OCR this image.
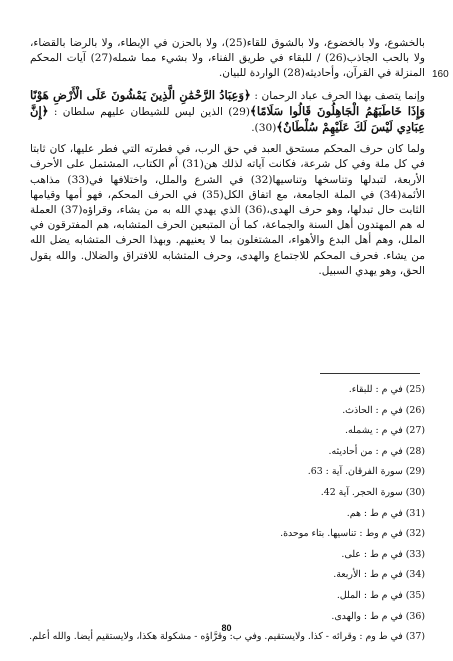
160

بالخشوع، ولا بالخضوع، ولا بالشوق للقاء(25)، ولا بالحزن في الإبطاء، ولا بالرضا بالقضاء، ولا بالحب الجاذب(26) / للبقاء في طريق الفناء، ولا بشيء مما شمله(27) آيات المحكم المنزلة في القرآن، وأحاديثه(28) الواردة للبيان.

وإنما يتصف بهذا الحرف عباد الرحمان : ﴿وَعِبَادُ الرَّحْمَٰنِ الَّذِينَ يَمْشُونَ عَلَى الْأَرْضِ هَوْنًا وَإِذَا خَاطَبَهُمُ الْجَاهِلُونَ قَالُوا سَلَامًا﴾(29) الذين ليس للشيطان عليهم سلطان : ﴿إِنَّ عِبَادِي لَيْسَ لَكَ عَلَيْهِمْ سُلْطَانٌ﴾(30).

ولما كان حرف المحكم مستحق العبد في حق الرب، في فطرته التي فطر عليها، كان ثابتا في كل ملة وفي كل شرعة، فكانت آياته لذلك هن(31) أم الكتاب، المشتمل على الأحرف الأربعة، لتبدلها وتناسخها وتناسيها(32) في الشرع والملل، واختلافها في(33) مذاهب الأئمة(34) في الملة الجامعة، مع اتفاق الكل(35) في الحرف المحكم، فهو أمها وقيامها الثابت حال تبدلها، وهو حرف الهدى،(36) الذي يهدي الله به من يشاء، وقراؤه(37) العملة له هم المهتدون أهل السنة والجماعة، كما أن المتبعين الحرف المتشابه، هم المفترقون في الملل، وهم أهل البدع والأهواء، المشتغلون بما لا يعنيهم. وبهذا الحرف المتشابه يضل الله من يشاء. فحرف المحكم للاجتماع والهدى، وحرف المتشابه للافتراق والضلال. والله يقول الحق، وهو يهدي السبيل.

(25) في م : للبقاء.
(26) في م : الحاذث.
(27) في م : يشمله.
(28) في م : من أحاديثه.
(29) سورة الفرقان. آية : 63.
(30) سورة الحجر. آية 42.
(31) في م ط : هم.
(32) في م وط : تناسيها. بتاء موحدة.
(33) في م ط : على.
(34) في م ط : الأربعة.
(35) في م ط : الملل.
(36) في م ط : والهدى.
(37) في ط وم : وقرائه - كذا. ولايستقيم. وفي ب: وقرَّاؤه - مشكولة هكذا، ولايستقيم أيضا. والله أعلم.
80
